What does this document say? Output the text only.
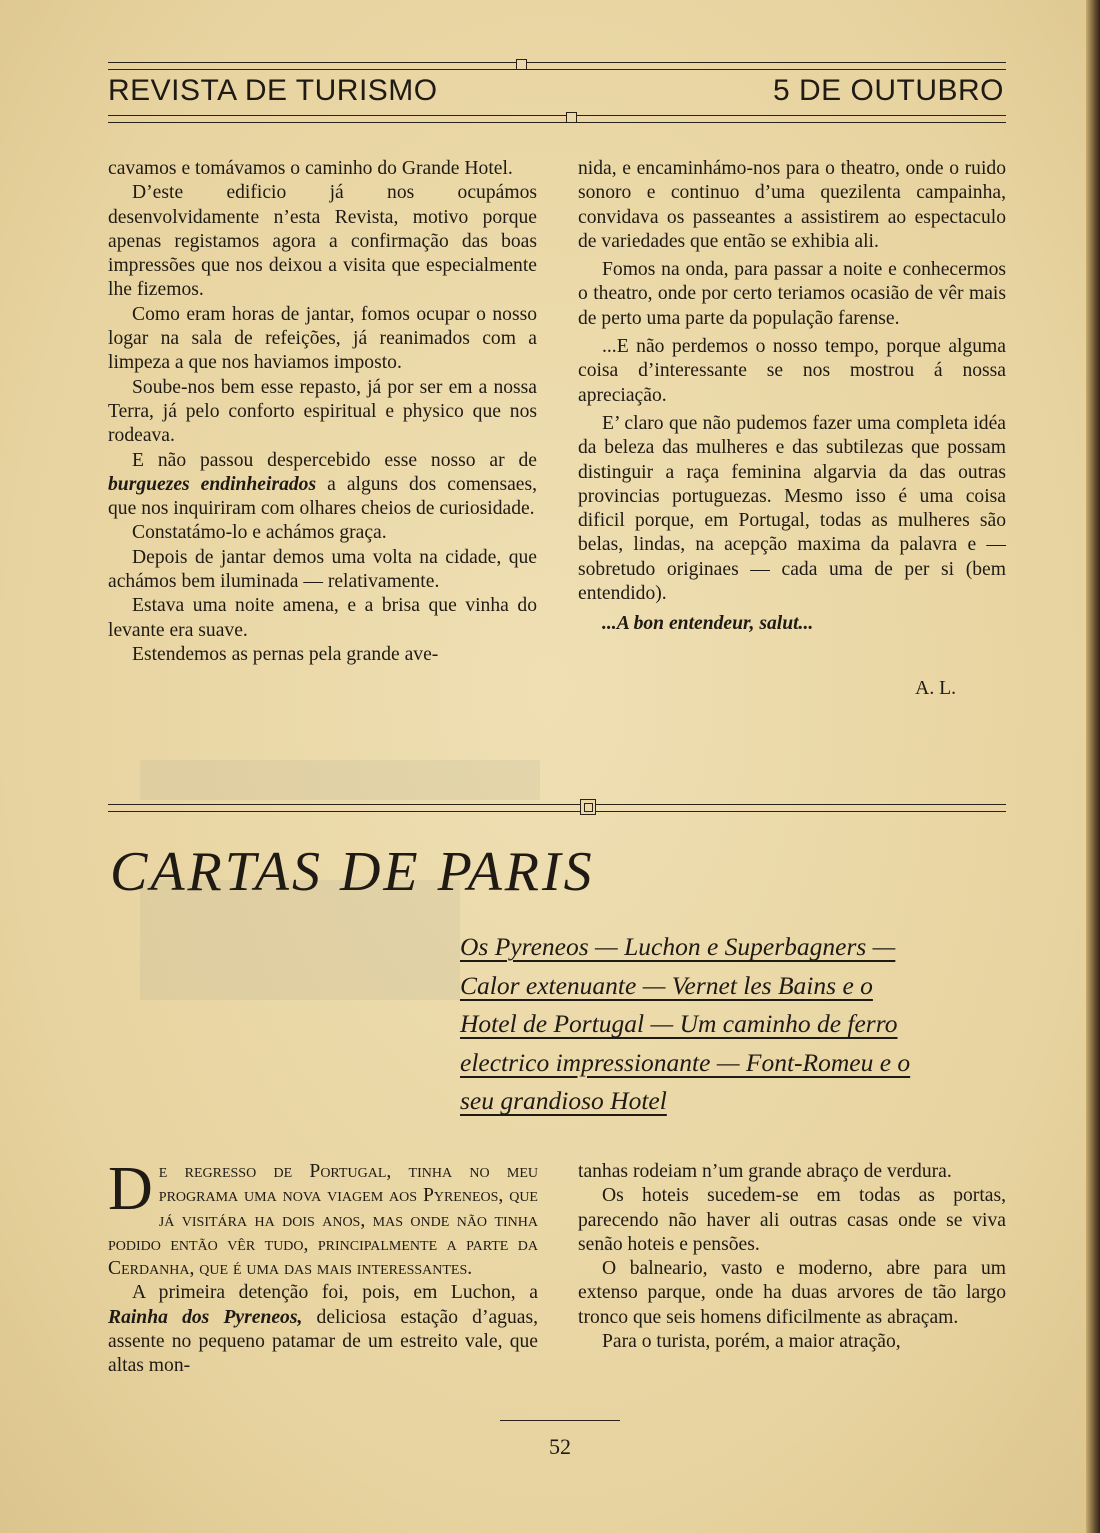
REVISTA DE TURISMO	5 DE OUTUBRO

cavamos e tomávamos o caminho do Grande Hotel.

D’este edificio já nos ocupámos desenvolvidamente n’esta Revista, motivo porque apenas registamos agora a confirmação das boas impressões que nos deixou a visita que especialmente lhe fizemos.

Como eram horas de jantar, fomos ocupar o nosso logar na sala de refeições, já reanimados com a limpeza a que nos haviamos imposto.

Soube-nos bem esse repasto, já por ser em a nossa Terra, já pelo conforto espiritual e physico que nos rodeava.

E não passou despercebido esse nosso ar de burguezes endinheirados a alguns dos comensaes, que nos inquiriram com olhares cheios de curiosidade.

Constatámo-lo e achámos graça.

Depois de jantar demos uma volta na cidade, que achámos bem iluminada — relativamente.

Estava uma noite amena, e a brisa que vinha do levante era suave.

Estendemos as pernas pela grande ave-

nida, e encaminhámo-nos para o theatro, onde o ruido sonoro e continuo d’uma quezilenta campainha, convidava os passeantes a assistirem ao espectaculo de variedades que então se exhibia ali.

Fomos na onda, para passar a noite e conhecermos o theatro, onde por certo teriamos ocasião de vêr mais de perto uma parte da população farense.

...E não perdemos o nosso tempo, porque alguma coisa d’interessante se nos mostrou á nossa apreciação.

E’ claro que não pudemos fazer uma completa idéa da beleza das mulheres e das subtilezas que possam distinguir a raça feminina algarvia da das outras provincias portuguezas. Mesmo isso é uma coisa dificil porque, em Portugal, todas as mulheres são belas, lindas, na acepção maxima da palavra e — sobretudo originaes — cada uma de per si (bem entendido).

...A bon entendeur, salut...

A. L.

CARTAS DE PARIS
Os Pyreneos — Luchon e Superbagners —
Calor extenuante — Vernet les Bains e o
Hotel de Portugal — Um caminho de ferro
electrico impressionante — Font-Romeu e o
seu grandioso Hotel

De regresso de Portugal, tinha no meu programa uma nova viagem aos Pyreneos, que já visitára ha dois anos, mas onde não tinha podido então vêr tudo, principalmente a parte da Cerdanha, que é uma das mais interessantes.

A primeira detenção foi, pois, em Luchon, a Rainha dos Pyreneos, deliciosa estação d’aguas, assente no pequeno patamar de um estreito vale, que altas mon-

tanhas rodeiam n’um grande abraço de verdura.

Os hoteis sucedem-se em todas as portas, parecendo não haver ali outras casas onde se viva senão hoteis e pensões.

O balneario, vasto e moderno, abre para um extenso parque, onde ha duas arvores de tão largo tronco que seis homens dificilmente as abraçam.

Para o turista, porém, a maior atração,

52
